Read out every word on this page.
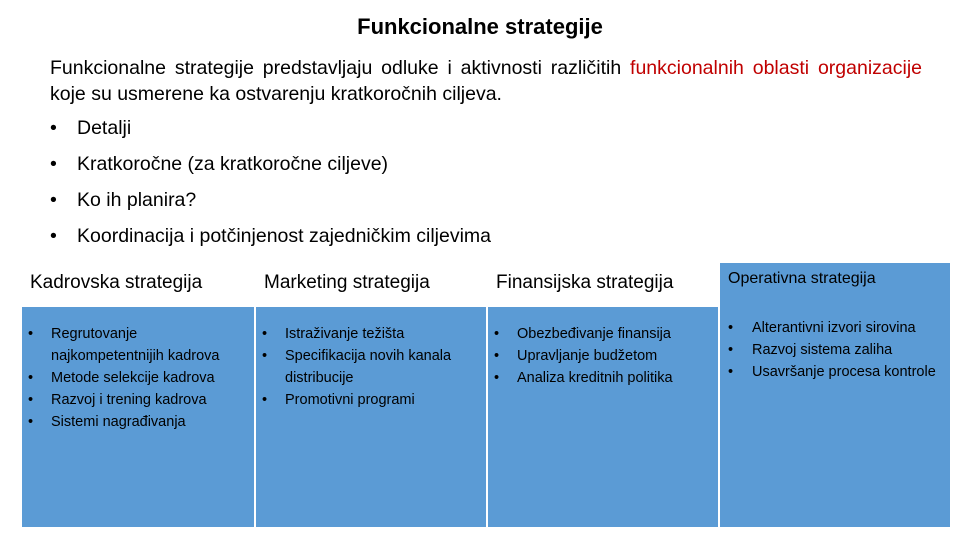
Funkcionalne strategije
Funkcionalne strategije predstavljaju odluke i aktivnosti različitih funkcionalnih oblasti organizacije koje su usmerene ka ostvarenju kratkoročnih ciljeva.
•	Detalji
•	Kratkoročne (za kratkoročne ciljeve)
•	Ko ih planira?
•	Koordinacija i potčinjenost zajedničkim ciljevima
Kadrovska strategija
•	Regrutovanje najkompetentnijih kadrova
•	Metode selekcije kadrova
•	Razvoj i trening kadrova
•	Sistemi nagrađivanja
Marketing strategija
•	Istraživanje težišta
•	Specifikacija novih kanala distribucije
•	Promotivni programi
Finansijska strategija
•	Obezbeđivanje finansija
•	Upravljanje budžetom
•	Analiza kreditnih politika
Operativna strategija
•	Alterantivni izvori sirovina
•	Razvoj sistema zaliha
•	Usavršanje procesa kontrole
